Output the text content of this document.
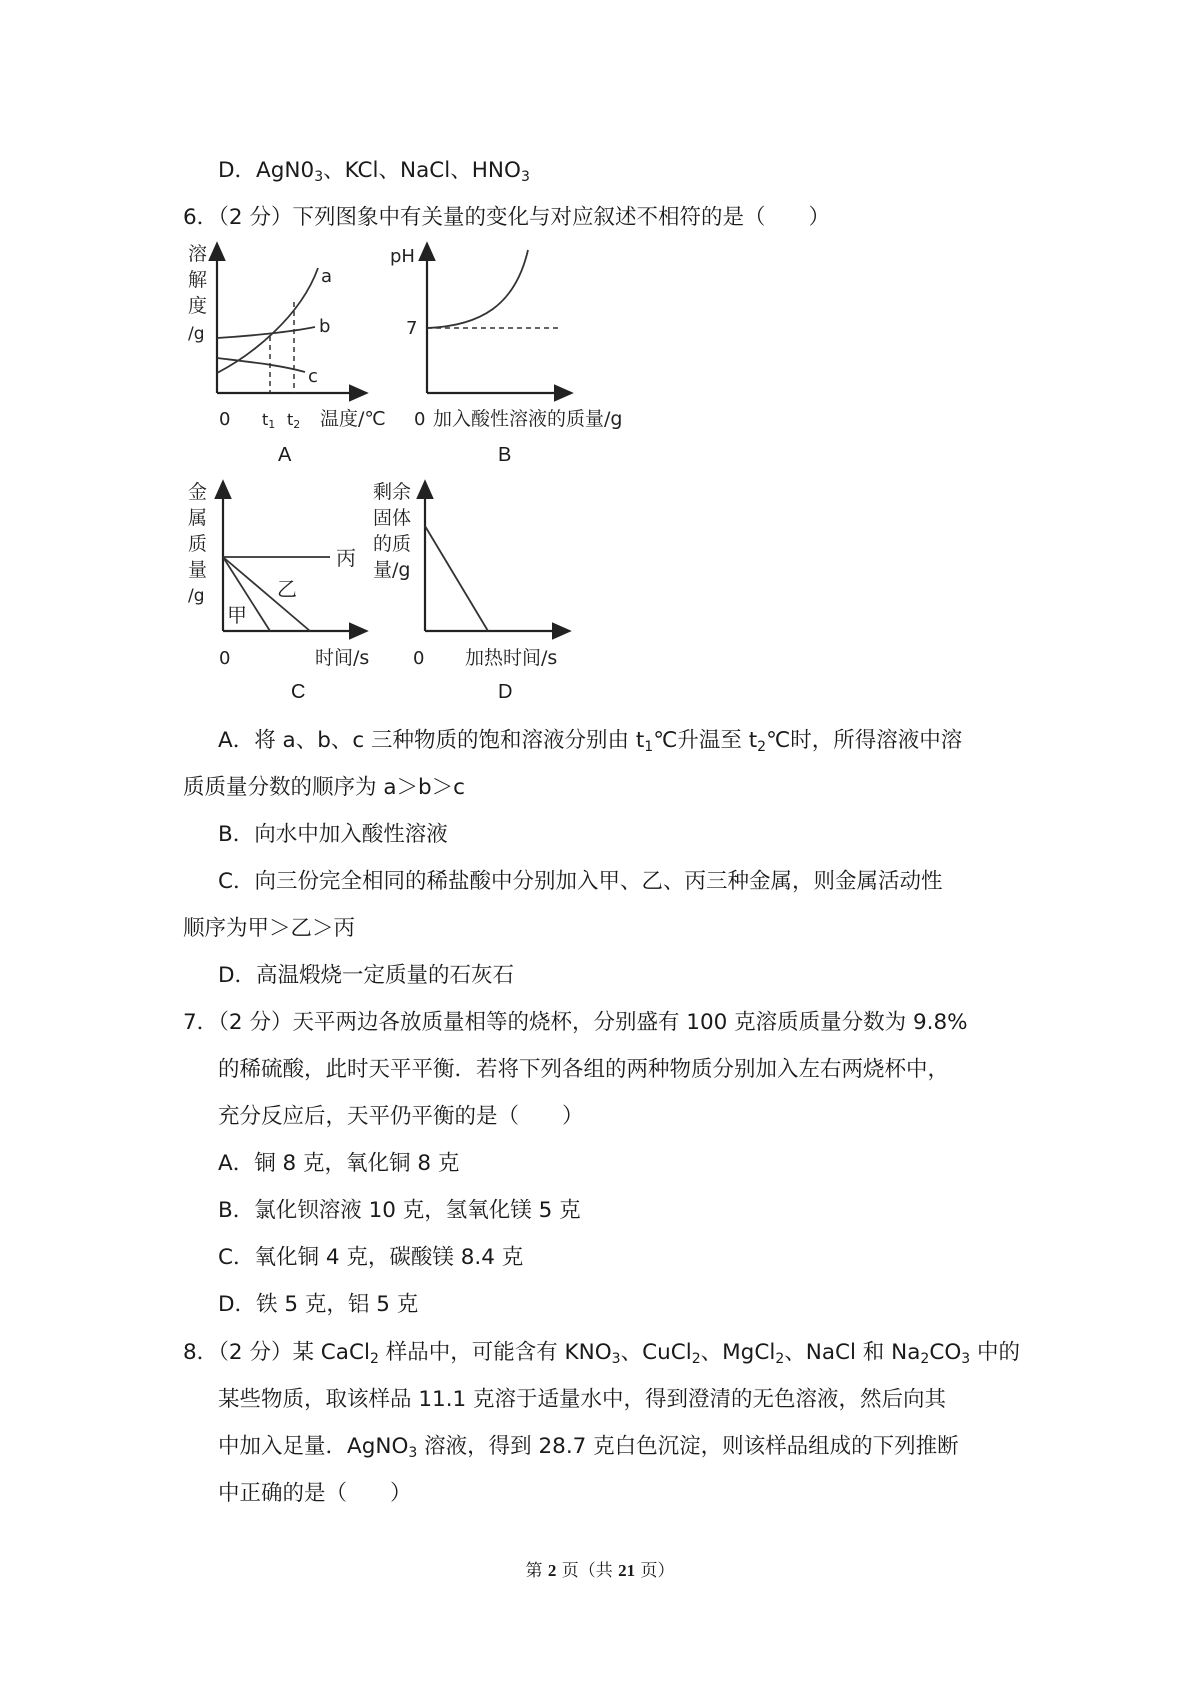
D．$AgN0_3$、KCl、NaCl、$HNO_3$
6．（2 分）下列图象中有关量的变化与对应叙述不相符的是（　　）
溶
解
度
/g
a
b
c
0 t1 t2 温度/℃
A
pH
7
0 加入酸性溶液的质量/g
B
金
属
质
量
/g
丙
乙
甲
0	时间/s
C
剩余
固体
的质
量/g
0 加热时间/s
D
A．将 a、b、c 三种物质的饱和溶液分别由 $t_1℃$升温至 $t_2℃$时，所得溶液中溶
质质量分数的顺序为 a＞b＞c
B．向水中加入酸性溶液
C．向三份完全相同的稀盐酸中分别加入甲、乙、丙三种金属，则金属活动性
顺序为甲＞乙＞丙
D．高温煅烧一定质量的石灰石
7．（2 分）天平两边各放质量相等的烧杯，分别盛有 100 克溶质质量分数为 9.8%
的稀硫酸，此时天平平衡．若将下列各组的两种物质分别加入左右两烧杯中，
充分反应后，天平仍平衡的是（　　）
A．铜 8 克，氧化铜 8 克
B．氯化钡溶液 10 克，氢氧化镁 5 克
C．氧化铜 4 克，碳酸镁 8.4 克
D．铁 5 克，铝 5 克
8．（2 分）某 CaCl$_2$ 样品中，可能含有 $KNO_3$、CuCl$_2$、MgCl$_2$、NaCl 和 $Na_2CO_3$ 中的
某些物质，取该样品 11.1 克溶于适量水中，得到澄清的无色溶液，然后向其
中加入足量．AgNO$_3$ 溶液，得到 28.7 克白色沉淀，则该样品组成的下列推断
中正确的是（　　）
第 2 页（共 21 页）
